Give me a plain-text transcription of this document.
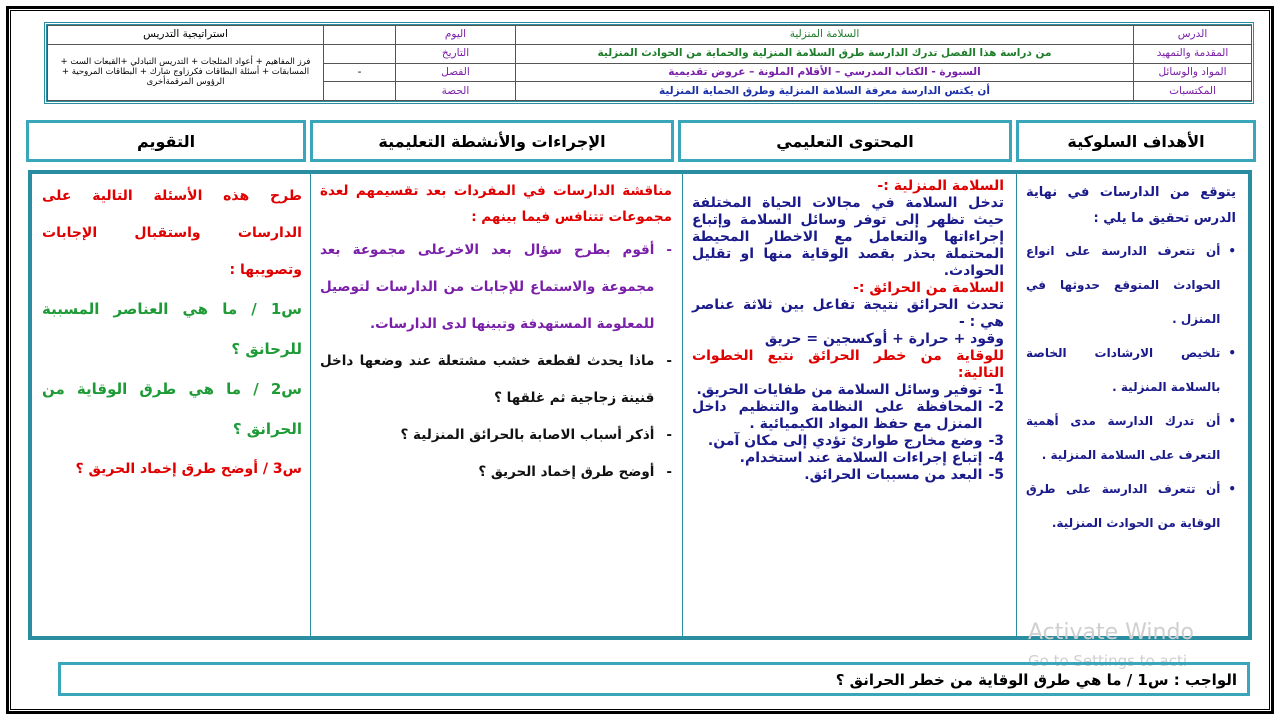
الدرس	السلامة المنزلية	اليوم		استراتيجية التدريس
المقدمة والتمهيد	من دراسة هذا الفصل تدرك الدارسة طرق السلامة المنزلية والحماية من الحوادث المنزلية	التاريخ		فرز المفاهيم + أعواد المثلجات + التدريس التبادلي +القبعات الست + المسابقات + أسئلة البطاقات فكرزاوج شارك + البطاقات المروحية + الرؤوس المرقمةأخرى
المواد والوسائل	السبورة - الكتاب المدرسي – الأقلام الملونة – عروض تقديمية	الفصل	-	
المكتسبات	أن يكتس الدارسة معرفة السلامة المنزلية وطرق الحماية المنزلية	الحصة		
الأهداف السلوكية
المحتوى التعليمي
الإجراءات والأنشطة التعليمية
التقويم

يتوقع من الدارسات في نهاية الدرس تحقيق ما يلي :

•
أن تتعرف الدارسة على انواع الحوادث المتوقع حدوثها في المنزل .
•
تلخيص الارشادات الخاصة بالسلامة المنزلية .
•
أن تدرك الدارسة مدى أهمية التعرف على السلامة المنزلية .
•
أن تتعرف الدارسة على طرق الوقاية من الحوادث المنزلية.

السلامة المنزلية :-

تدخل السلامة في مجالات الحياة المختلفة حيث تظهر إلى توفر وسائل السلامة وإتباع إجراءاتها والتعامل مع الاخطار المحيطة المحتملة بحذر بقصد الوقاية منها او تقليل الحوادث.

السلامة من الحرائق :-

تحدث الحرائق نتيجة تفاعل بين ثلاثة عناصر هي : -

وقود + حرارة + أوكسجين = حريق

للوقاية من خطر الحرائق نتبع الخطوات التالية:

1-
توفير وسائل السلامة من طفايات الحريق.
2-
المحافظة على النظامة والتنظيم داخل المنزل مع حفظ المواد الكيميائية .
3-
وضع مخارج طوارئ تؤدي إلى مكان آمن.
4-
إتباع إجراءات السلامة عند استخدام.
5-
البعد من مسببات الحرائق.

مناقشة الدارسات في المفردات بعد تقسيمهم لعدة مجموعات تتنافس فيما بينهم :

-
أقوم بطرح سؤال بعد الاخرعلى مجموعة بعد مجموعة والاستماع للإجابات من الدارسات لتوصيل للمعلومة المستهدفة وتبينها لدى الدارسات.
-
ماذا يحدث لقطعة خشب مشتعلة عند وضعها داخل قنينة زجاجية ثم غلقها ؟
-
أذكر أسباب الاصابة بالحرائق المنزلية ؟
-
أوضح طرق إخماد الحريق ؟

طرح هذه الأسئلة التالية على الدارسات واستقبال الإجابات وتصويبها :

س1 / ما هي العناصر المسببة للرحانق ؟

س2 / ما هي طرق الوقاية من الحرانق ؟

س3 / أوضح طرق إخماد الحريق ؟

Activate Windo
Go to Settings to acti
الواجب : س1 / ما هي طرق الوقاية من خطر الحرانق ؟
